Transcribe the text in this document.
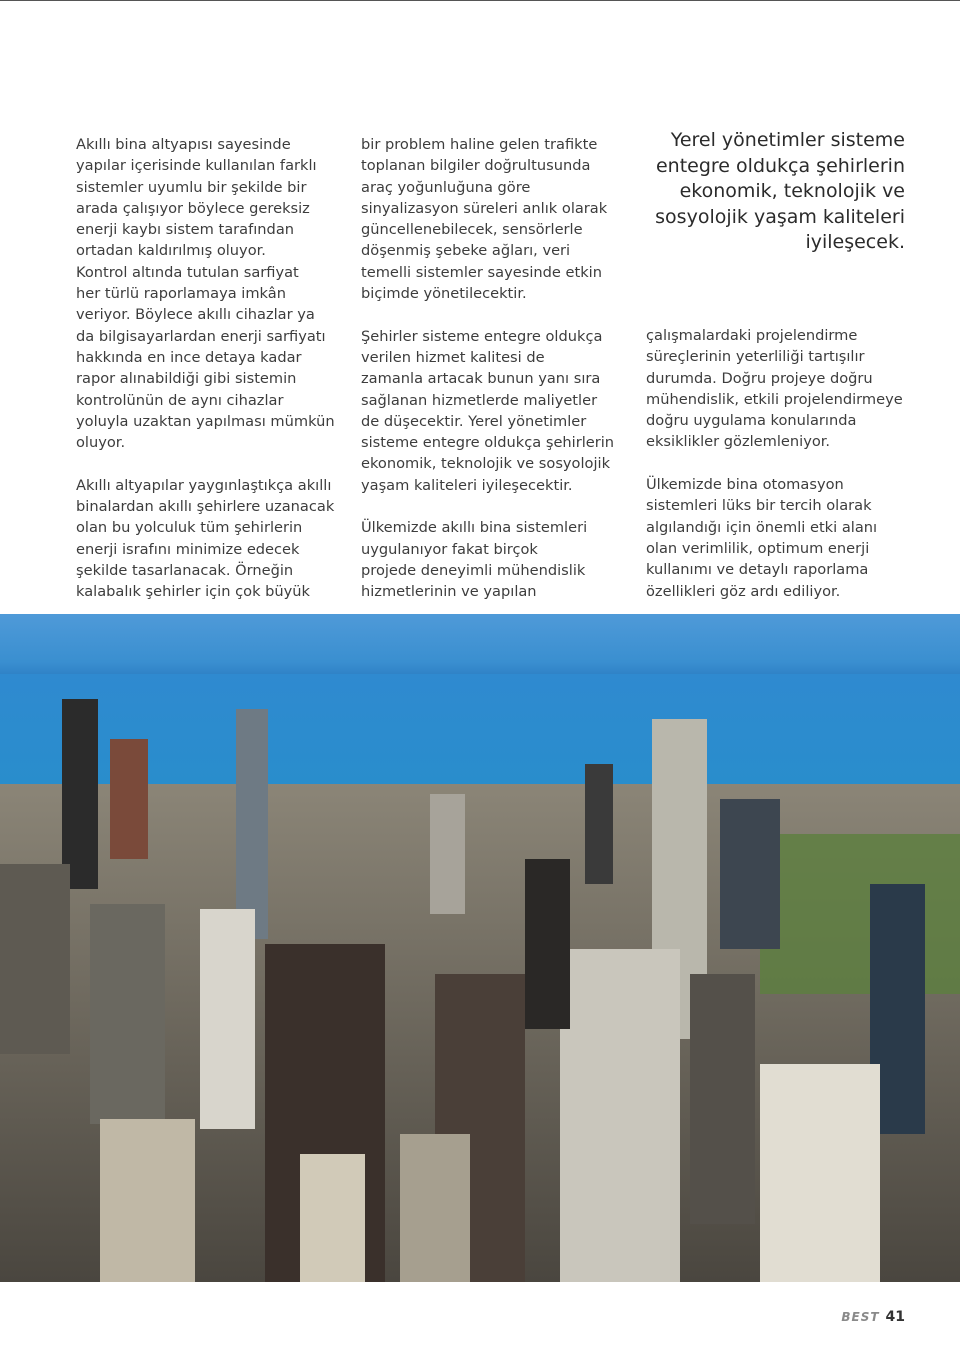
Akıllı bina altyapısı sayesinde
yapılar içerisinde kullanılan farklı
sistemler uyumlu bir şekilde bir
arada çalışıyor böylece gereksiz
enerji kaybı sistem tarafından
ortadan kaldırılmış oluyor.
Kontrol altında tutulan sarfiyat
her türlü raporlamaya imkân
veriyor. Böylece akıllı cihazlar ya
da bilgisayarlardan enerji sarfiyatı
hakkında en ince detaya kadar
rapor alınabildiği gibi sistemin
kontrolünün de aynı cihazlar
yoluyla uzaktan yapılması mümkün
oluyor.

Akıllı altyapılar yaygınlaştıkça akıllı
binalardan akıllı şehirlere uzanacak
olan bu yolculuk tüm şehirlerin
enerji israfını minimize edecek
şekilde tasarlanacak. Örneğin
kalabalık şehirler için çok büyük

bir problem haline gelen trafikte
toplanan bilgiler doğrultusunda
araç yoğunluğuna göre
sinyalizasyon süreleri anlık olarak
güncellenebilecek, sensörlerle
döşenmiş şebeke ağları, veri
temelli sistemler sayesinde etkin
biçimde yönetilecektir.

Şehirler sisteme entegre oldukça
verilen hizmet kalitesi de
zamanla artacak bunun yanı sıra
sağlanan hizmetlerde maliyetler
de düşecektir. Yerel yönetimler
sisteme entegre oldukça şehirlerin
ekonomik, teknolojik ve sosyolojik
yaşam kaliteleri iyileşecektir.

Ülkemizde akıllı bina sistemleri
uygulanıyor fakat birçok
projede deneyimli mühendislik
hizmetlerinin ve yapılan

Yerel yönetimler sisteme
entegre oldukça şehirlerin
ekonomik, teknolojik ve
sosyolojik yaşam kaliteleri
iyileşecek.

çalışmalardaki projelendirme
süreçlerinin yeterliliği tartışılır
durumda. Doğru projeye doğru
mühendislik, etkili projelendirmeye
doğru uygulama konularında
eksiklikler gözlemleniyor.

Ülkemizde bina otomasyon
sistemleri lüks bir tercih olarak
algılandığı için önemli etki alanı
olan verimlilik, optimum enerji
kullanımı ve detaylı raporlama
özellikleri göz ardı ediliyor.

BEST 41
